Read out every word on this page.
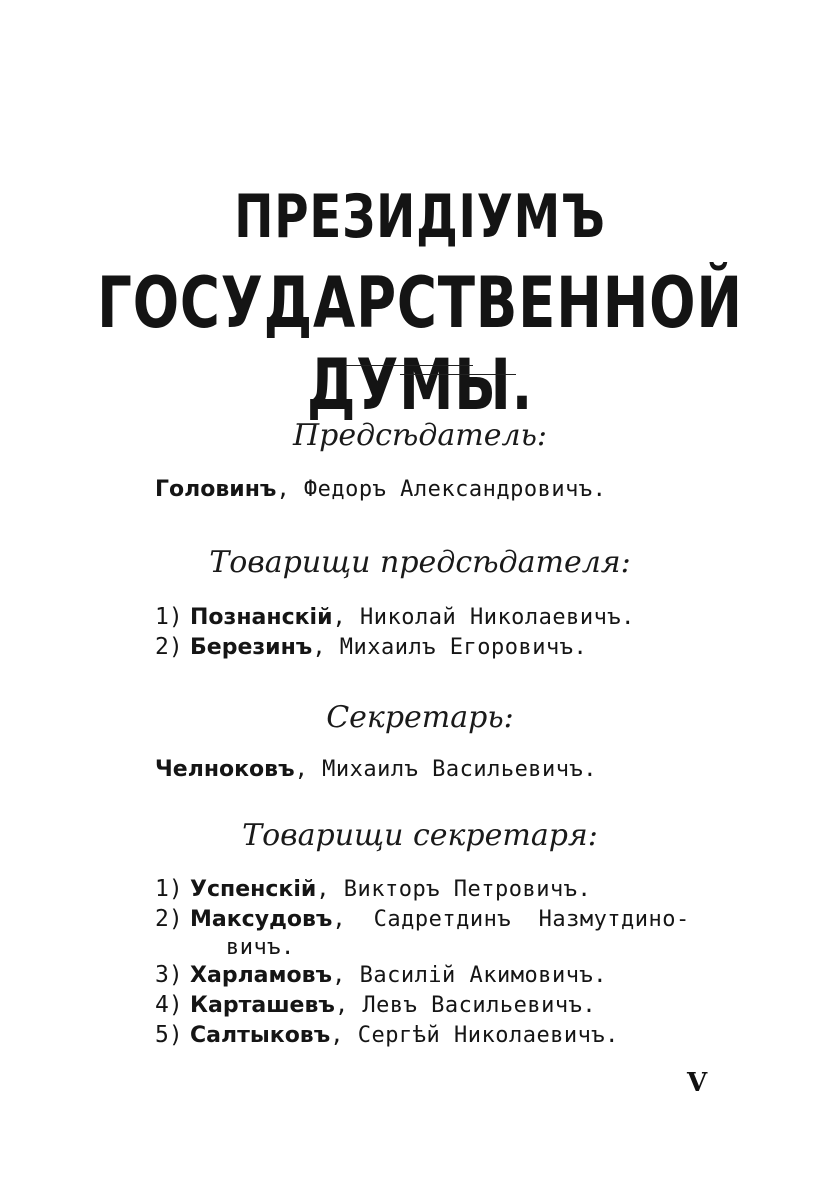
ПРЕЗИДІУМЪ
ГОСУДАРСТВЕННОЙ ДУМЫ.
Предсѣдатель:
Головинъ, Федоръ Александровичъ.
Товарищи предсѣдателя:
1) Познанскій, Николай Николаевичъ.
2) Березинъ, Михаилъ Егоровичъ.
Секретарь:
Челноковъ, Михаилъ Васильевичъ.
Товарищи секретаря:
1) Успенскій, Викторъ Петровичъ.
2) Максудовъ,  Садретдинъ  Назмутдино-
вичъ.
3) Харламовъ, Василій Акимовичъ.
4) Карташевъ, Левъ Васильевичъ.
5) Салтыковъ, Сергѣй Николаевичъ.
V
